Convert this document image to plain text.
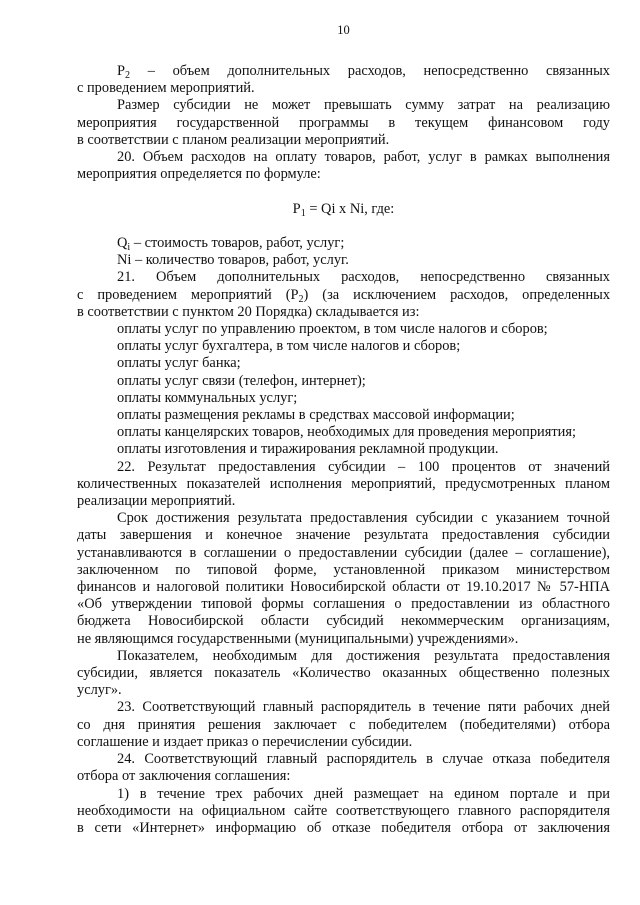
10
$P_2$ – объем дополнительных расходов, непосредственно связанных
с проведением мероприятий.
Размер субсидии не может превышать сумму затрат на реализацию
мероприятия государственной программы в текущем финансовом году
в соответствии с планом реализации мероприятий.
20. Объем расходов на оплату товаров, работ, услуг в рамках выполнения
мероприятия определяется по формуле:
$P_1 = Qi$ x Ni, где:
$Q_i$ – стоимость товаров, работ, услуг;
Ni – количество товаров, работ, услуг.
21. Объем дополнительных расходов, непосредственно связанных
с проведением мероприятий $(P_2)$ (за исключением расходов, определенных
в соответствии с пунктом 20 Порядка) складывается из:
оплаты услуг по управлению проектом, в том числе налогов и сборов;
оплаты услуг бухгалтера, в том числе налогов и сборов;
оплаты услуг банка;
оплаты услуг связи (телефон, интернет);
оплаты коммунальных услуг;
оплаты размещения рекламы в средствах массовой информации;
оплаты канцелярских товаров, необходимых для проведения мероприятия;
оплаты изготовления и тиражирования рекламной продукции.
22. Результат предоставления субсидии – 100 процентов от значений
количественных показателей исполнения мероприятий, предусмотренных планом
реализации мероприятий.
Срок достижения результата предоставления субсидии с указанием точной
даты завершения и конечное значение результата предоставления субсидии
устанавливаются в соглашении о предоставлении субсидии (далее – соглашение),
заключенном по типовой форме, установленной приказом министерством
финансов и налоговой политики Новосибирской области от 19.10.2017 № 57-НПА
«Об утверждении типовой формы соглашения о предоставлении из областного
бюджета Новосибирской области субсидий некоммерческим организациям,
не являющимся государственными (муниципальными) учреждениями».
Показателем, необходимым для достижения результата предоставления
субсидии, является показатель «Количество оказанных общественно полезных
услуг».
23. Соответствующий главный распорядитель в течение пяти рабочих дней
со дня принятия решения заключает с победителем (победителями) отбора
соглашение и издает приказ о перечислении субсидии.
24. Соответствующий главный распорядитель в случае отказа победителя
отбора от заключения соглашения:
1) в течение трех рабочих дней размещает на едином портале и при
необходимости на официальном сайте соответствующего главного распорядителя
в сети «Интернет» информацию об отказе победителя отбора от заключения
